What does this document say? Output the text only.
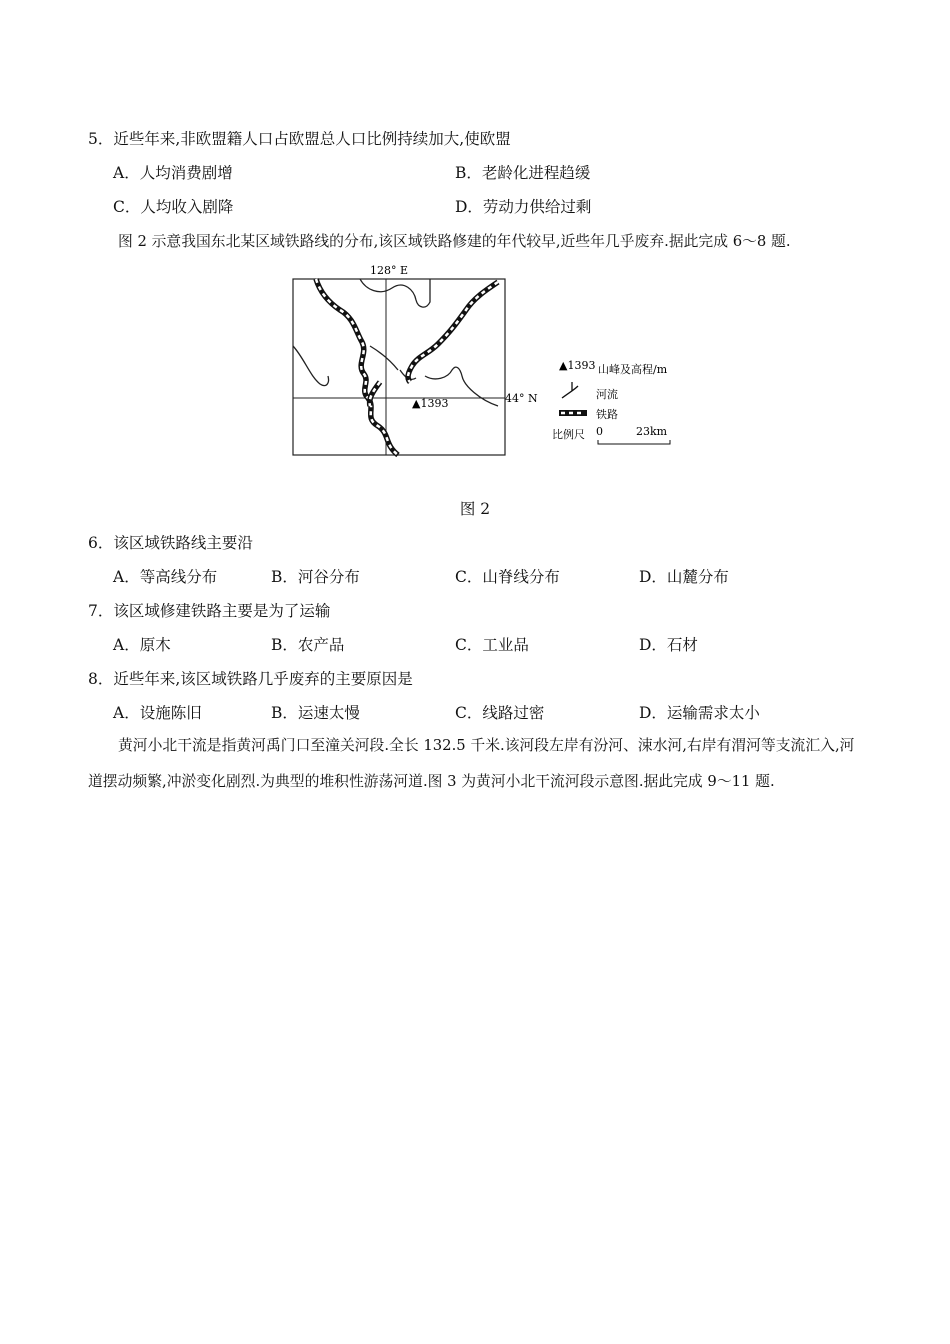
5．近些年来,非欧盟籍人口占欧盟总人口比例持续加大,使欧盟
A．人均消费剧增	B．老龄化进程趋缓
C．人均收入剧降	D．劳动力供给过剩
图 2 示意我国东北某区域铁路线的分布,该区域铁路修建的年代较早,近些年几乎废弃.据此完成 6～8 题.
128° E
44° N
▲1393
▲1393 山峰及高程/m
河流
铁路
比例尺 0	23km
图 2
6．该区域铁路线主要沿
A．等高线分布	B．河谷分布	C．山脊线分布	D．山麓分布
7．该区域修建铁路主要是为了运输
A．原木	B．农产品	C．工业品	D．石材
8．近些年来,该区域铁路几乎废弃的主要原因是
A．设施陈旧	B．运速太慢	C．线路过密	D．运输需求太小
黄河小北干流是指黄河禹门口至潼关河段.全长 132.5 千米.该河段左岸有汾河、涑水河,右岸有渭河等支流汇入,河道摆动频繁,冲淤变化剧烈.为典型的堆积性游荡河道.图 3 为黄河小北干流河段示意图.据此完成 9～11 题.
